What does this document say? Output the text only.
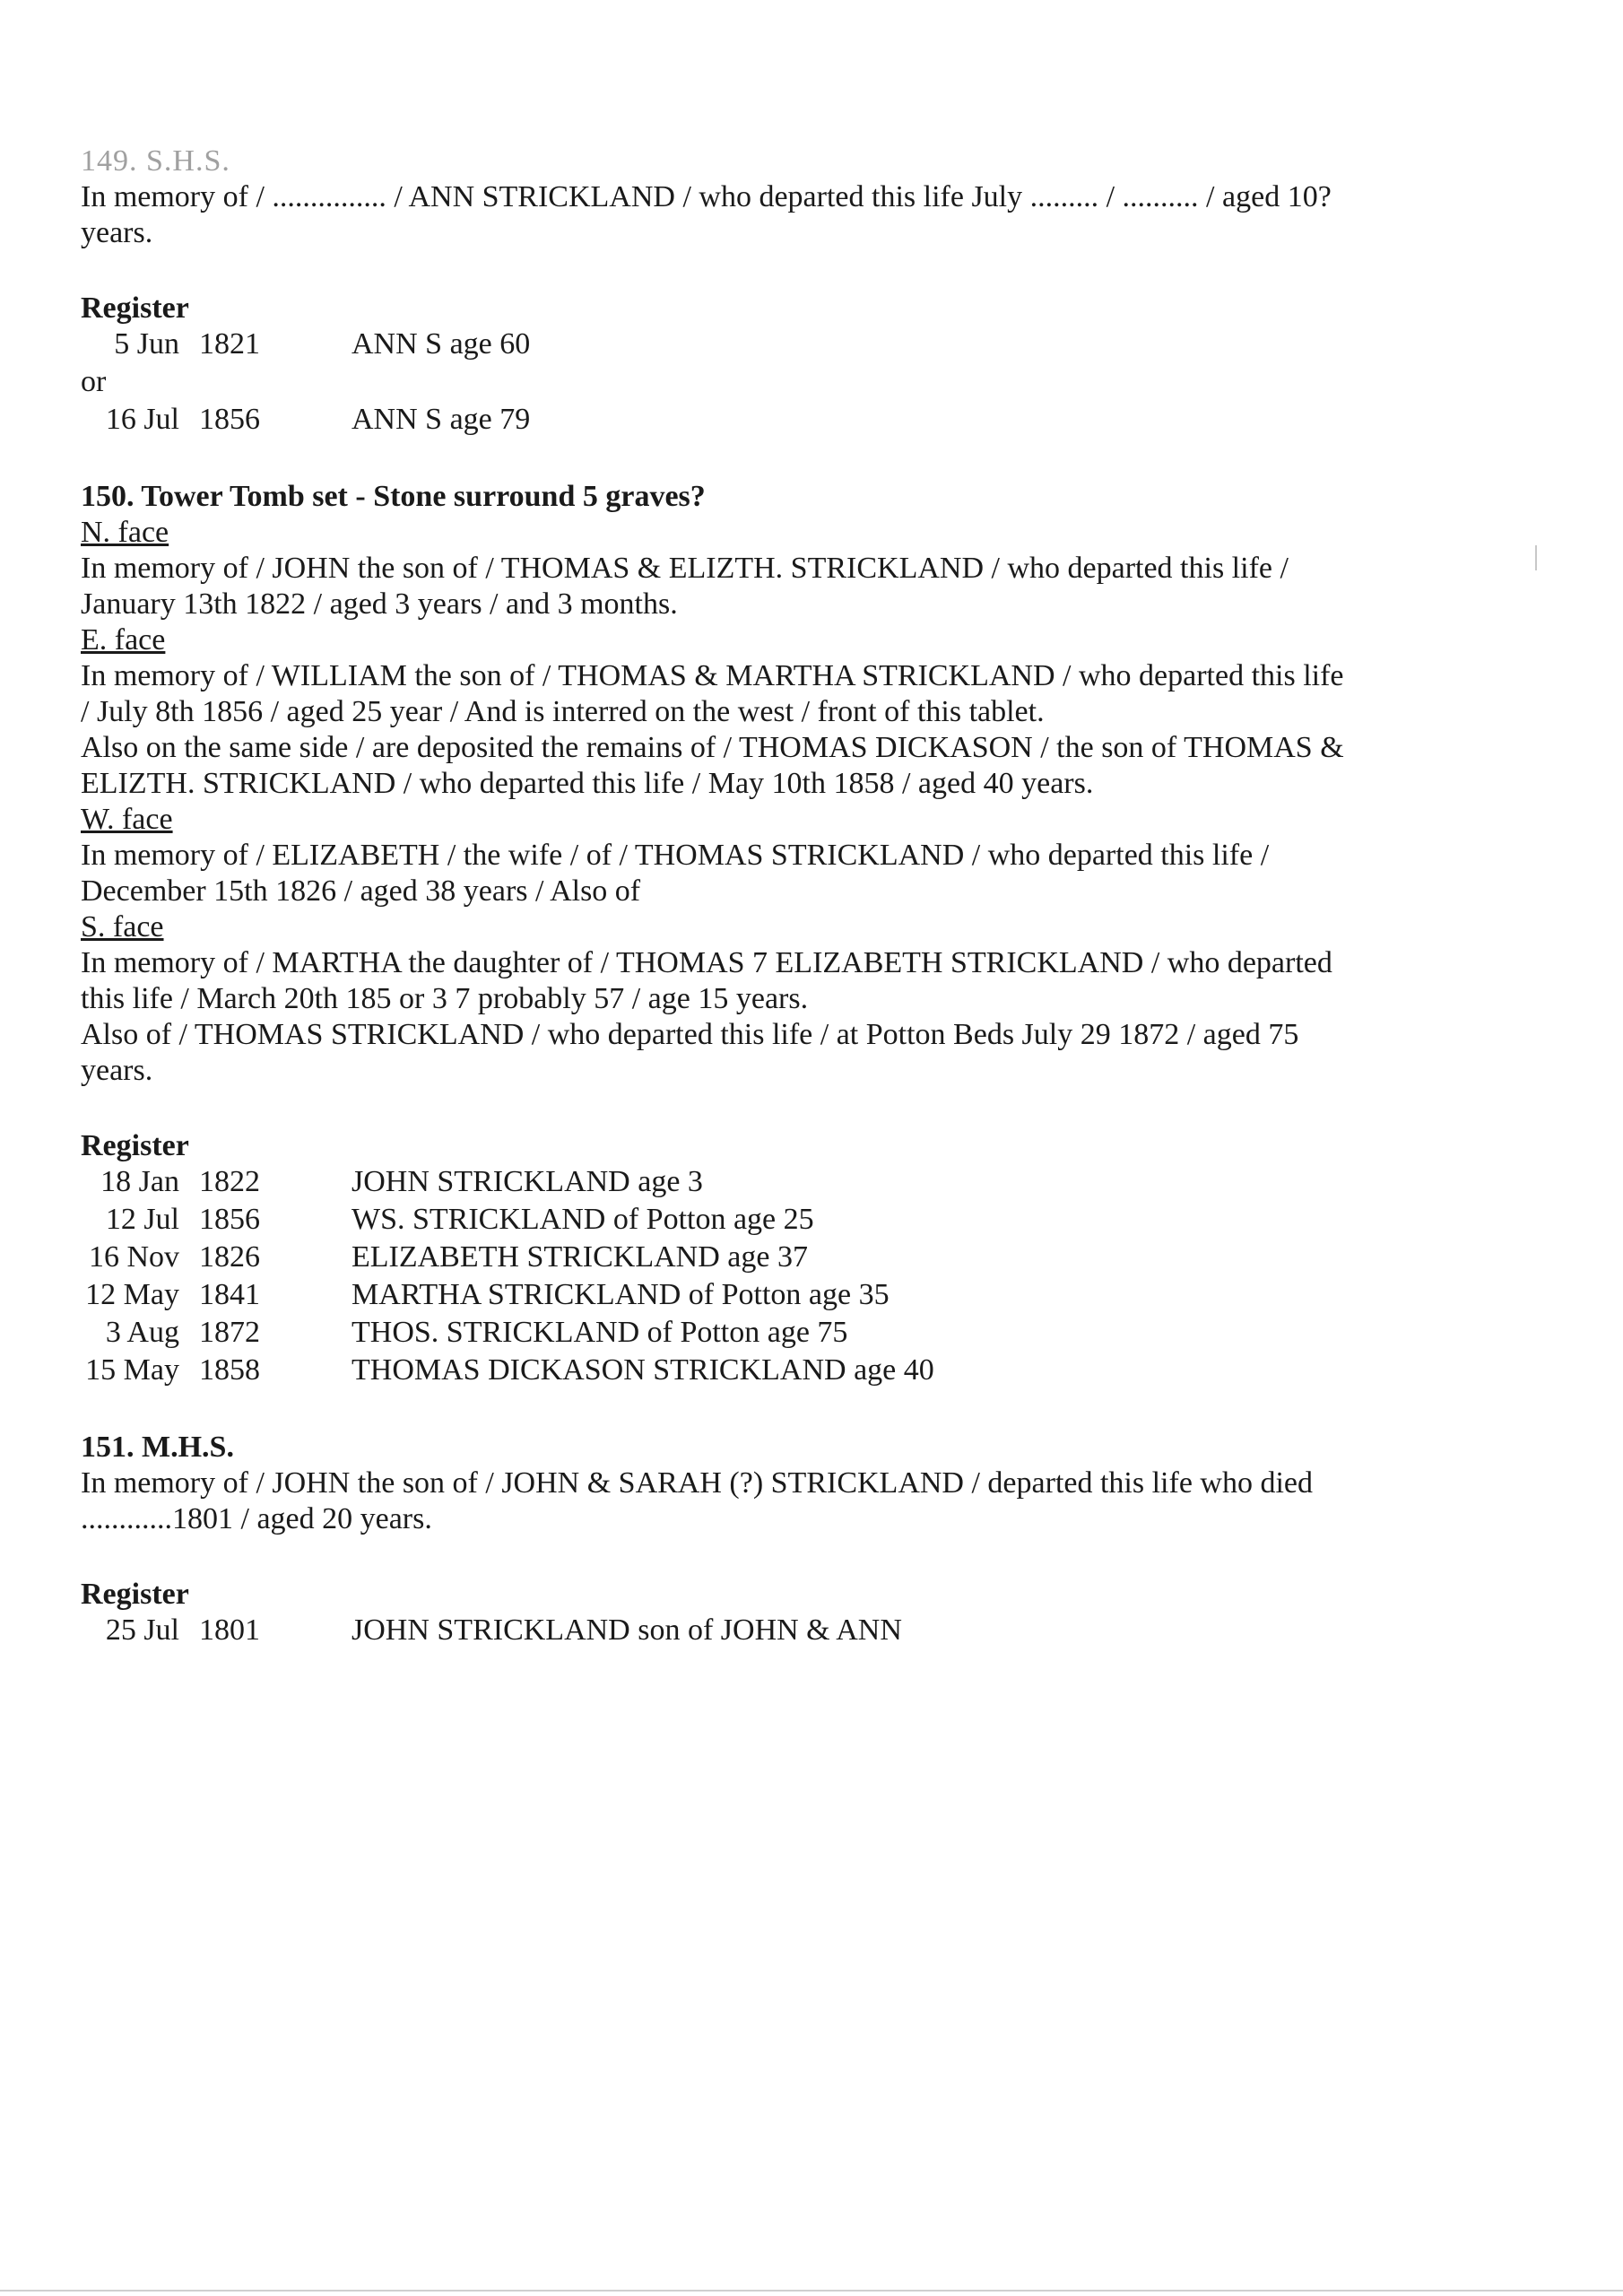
149. S.H.S.

In memory of / ............... / ANN STRICKLAND / who departed this life July ......... / .......... / aged 10? years.

Register

5 Jun 1821	ANN S age 60
or
16 Jul 1856	ANN S age 79

150. Tower Tomb set - Stone surround 5 graves?

N. face

In memory of / JOHN the son of / THOMAS & ELIZTH. STRICKLAND / who departed this life / January 13th 1822 / aged 3 years / and 3 months.

E. face

In memory of / WILLIAM the son of / THOMAS & MARTHA STRICKLAND / who departed this life / July 8th 1856 / aged 25 year / And is interred on the west / front of this tablet.

Also on the same side / are deposited the remains of / THOMAS DICKASON / the son of THOMAS & ELIZTH. STRICKLAND / who departed this life / May 10th 1858 / aged 40 years.

W. face

In memory of / ELIZABETH / the wife / of / THOMAS STRICKLAND / who departed this life / December 15th 1826 / aged 38 years / Also of

S. face

In memory of / MARTHA the daughter of / THOMAS 7 ELIZABETH STRICKLAND / who departed this life / March 20th 185 or 3 7 probably 57 / age 15 years.

Also of / THOMAS STRICKLAND / who departed this life / at Potton Beds July 29 1872 / aged 75 years.

Register

18 Jan 1822	JOHN STRICKLAND age 3
12 Jul 1856	WS. STRICKLAND of Potton age 25
16 Nov 1826	ELIZABETH STRICKLAND age 37
12 May 1841	MARTHA STRICKLAND of Potton age 35
3 Aug 1872	THOS. STRICKLAND of Potton age 75
15 May 1858	THOMAS DICKASON STRICKLAND age 40

151. M.H.S.

In memory of / JOHN the son of / JOHN & SARAH (?) STRICKLAND / departed this life who died ............1801 / aged 20 years.

Register

25 Jul 1801	JOHN STRICKLAND son of JOHN & ANN
